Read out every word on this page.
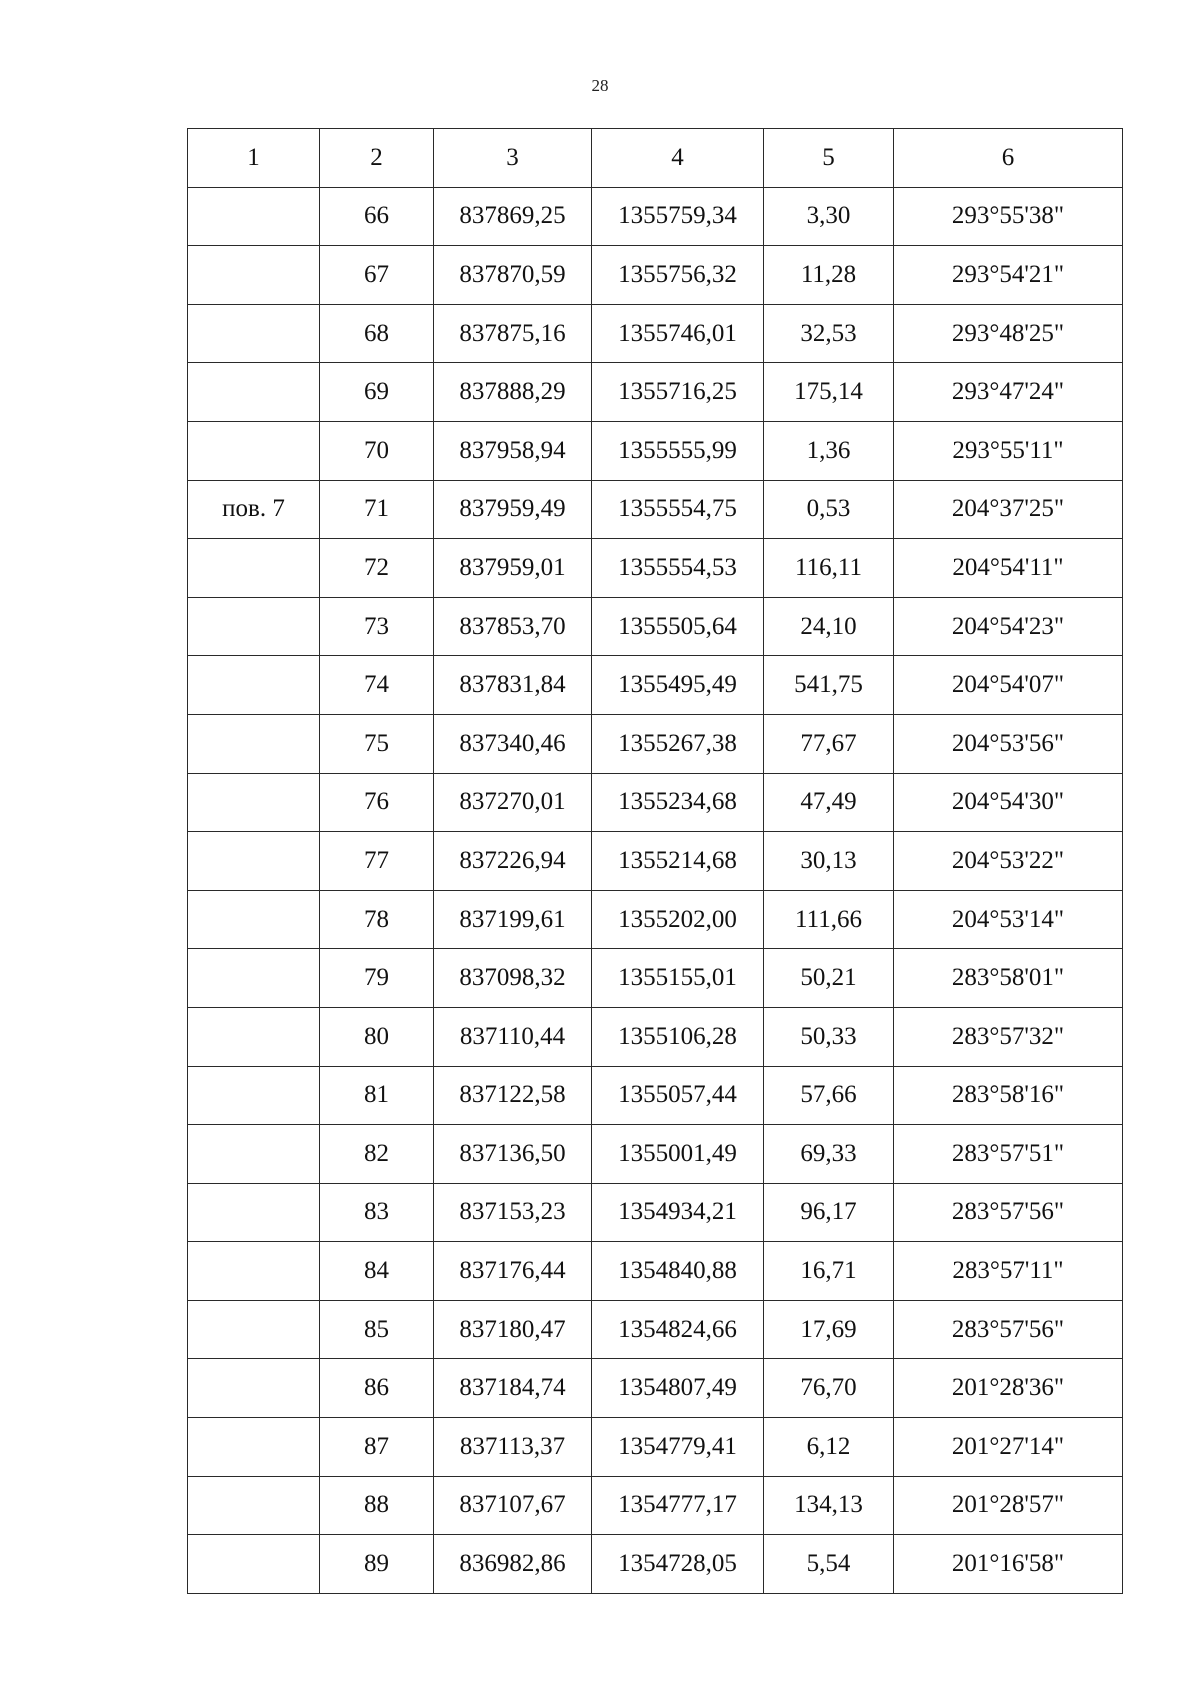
28
1	2	3	4	5	6
	66	837869,25	1355759,34	3,30	293°55'38"
	67	837870,59	1355756,32	11,28	293°54'21"
	68	837875,16	1355746,01	32,53	293°48'25"
	69	837888,29	1355716,25	175,14	293°47'24"
	70	837958,94	1355555,99	1,36	293°55'11"
пов. 7	71	837959,49	1355554,75	0,53	204°37'25"
	72	837959,01	1355554,53	116,11	204°54'11"
	73	837853,70	1355505,64	24,10	204°54'23"
	74	837831,84	1355495,49	541,75	204°54'07"
	75	837340,46	1355267,38	77,67	204°53'56"
	76	837270,01	1355234,68	47,49	204°54'30"
	77	837226,94	1355214,68	30,13	204°53'22"
	78	837199,61	1355202,00	111,66	204°53'14"
	79	837098,32	1355155,01	50,21	283°58'01"
	80	837110,44	1355106,28	50,33	283°57'32"
	81	837122,58	1355057,44	57,66	283°58'16"
	82	837136,50	1355001,49	69,33	283°57'51"
	83	837153,23	1354934,21	96,17	283°57'56"
	84	837176,44	1354840,88	16,71	283°57'11"
	85	837180,47	1354824,66	17,69	283°57'56"
	86	837184,74	1354807,49	76,70	201°28'36"
	87	837113,37	1354779,41	6,12	201°27'14"
	88	837107,67	1354777,17	134,13	201°28'57"
	89	836982,86	1354728,05	5,54	201°16'58"
